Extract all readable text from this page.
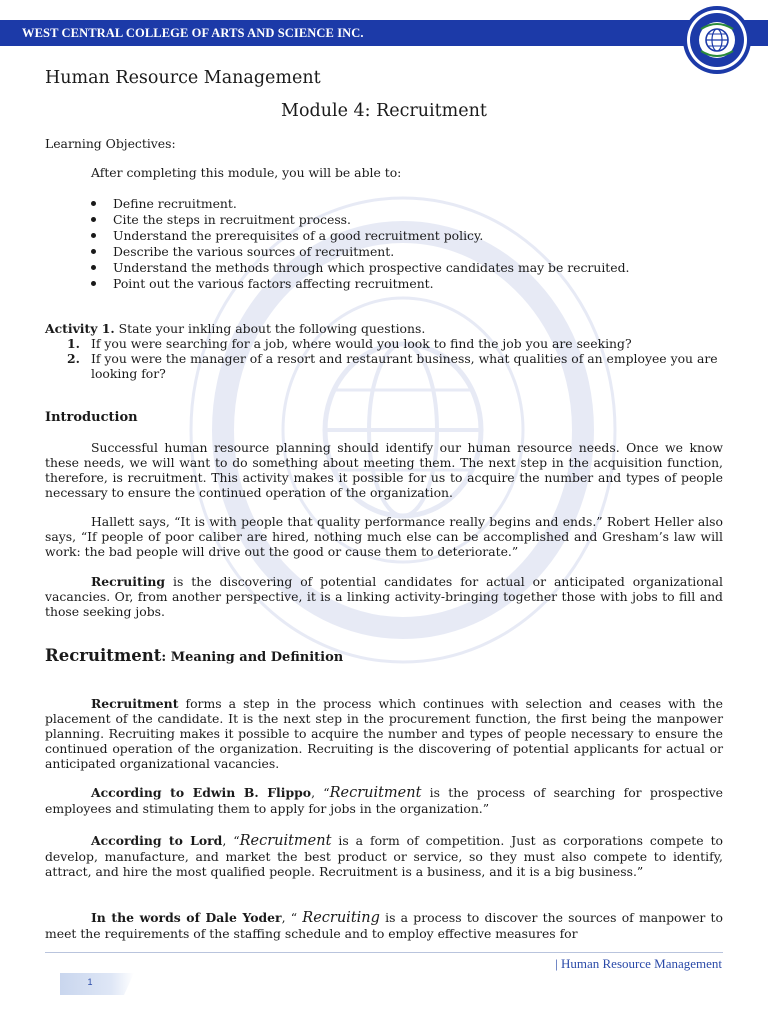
WEST CENTRAL COLLEGE OF ARTS AND SCIENCE INC.
Human Resource Management
Module 4: Recruitment
Learning Objectives:
After completing this module, you will be able to:
Define recruitment.
Cite the steps in recruitment process.
Understand the prerequisites of a good recruitment policy.
Describe the various sources of recruitment.
Understand the methods through which prospective candidates may be recruited.
Point out the various factors affecting recruitment.
Activity 1. State your inkling about the following questions.
1. If you were searching for a job, where would you look to find the job you are seeking?
2. If you were the manager of a resort and restaurant business, what qualities of an employee you are looking for?
Introduction

Successful human resource planning should identify our human resource needs. Once we know these needs, we will want to do something about meeting them. The next step in the acquisition function, therefore, is recruitment. This activity makes it possible for us to acquire the number and types of people necessary to ensure the continued operation of the organization.

Hallett says, “It is with people that quality performance really begins and ends.” Robert Heller also says, “If people of poor caliber are hired, nothing much else can be accomplished and Gresham’s law will work: the bad people will drive out the good or cause them to deteriorate.”

Recruiting is the discovering of potential candidates for actual or anticipated organizational vacancies. Or, from another perspective, it is a linking activity-bringing together those with jobs to fill and those seeking jobs.

Recruitment: Meaning and Definition

Recruitment forms a step in the process which continues with selection and ceases with the placement of the candidate. It is the next step in the procurement function, the first being the manpower planning. Recruiting makes it possible to acquire the number and types of people necessary to ensure the continued operation of the organization. Recruiting is the discovering of potential applicants for actual or anticipated organizational vacancies.

According to Edwin B. Flippo, “Recruitment is the process of searching for prospective employees and stimulating them to apply for jobs in the organization.”

According to Lord, “Recruitment is a form of competition. Just as corporations compete to develop, manufacture, and market the best product or service, so they must also compete to identify, attract, and hire the most qualified people. Recruitment is a business, and it is a big business.”

In the words of Dale Yoder, “ Recruiting is a process to discover the sources of manpower to meet the requirements of the staffing schedule and to employ effective measures for

| Human Resource Management
1
